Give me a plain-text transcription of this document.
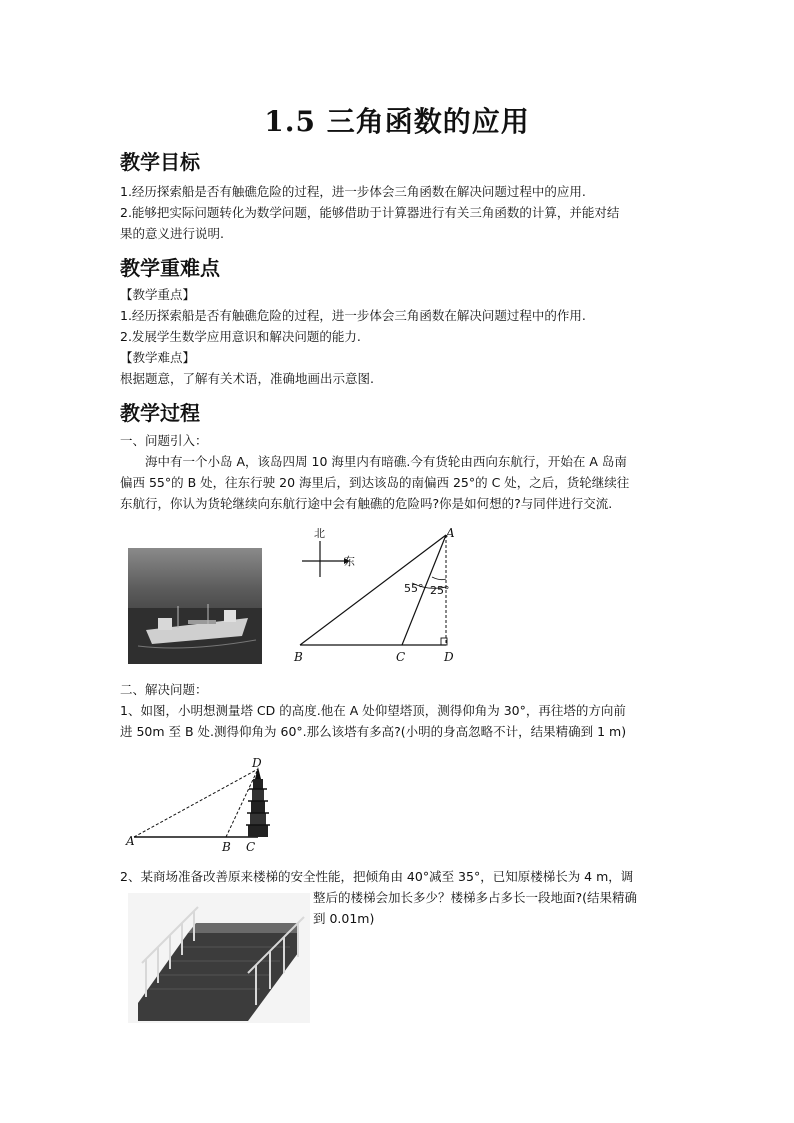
1.5 三角函数的应用
教学目标
1.经历探索船是否有触礁危险的过程，进一步体会三角函数在解决问题过程中的应用.
2.能够把实际问题转化为数学问题，能够借助于计算器进行有关三角函数的计算，并能对结
果的意义进行说明.
教学重难点
【教学重点】
1.经历探索船是否有触礁危险的过程，进一步体会三角函数在解决问题过程中的作用.
2.发展学生数学应用意识和解决问题的能力.
【教学难点】
根据题意，了解有关术语，准确地画出示意图.
教学过程
一、问题引入：
海中有一个小岛 A，该岛四周 10 海里内有暗礁.今有货轮由西向东航行，开始在 A 岛南
偏西 55°的 B 处，往东行驶 20 海里后，到达该岛的南偏西 25°的 C 处，之后，货轮继续往
东航行，你认为货轮继续向东航行途中会有触礁的危险吗?你是如何想的?与同伴进行交流.
北
东
55° 25°
A
B	C	D
二、解决问题：
1、如图，小明想测量塔 CD 的高度.他在 A 处仰望塔顶，测得仰角为 30°，再往塔的方向前
进 50m 至 B 处.测得仰角为 60°.那么该塔有多高?(小明的身高忽略不计，结果精确到 1 m)
D
A	B C
2、某商场准备改善原来楼梯的安全性能，把倾角由 40°减至 35°，已知原楼梯长为 4 m，调
整后的楼梯会加长多少？楼梯多占多长一段地面?(结果精确
到 0.01m)
